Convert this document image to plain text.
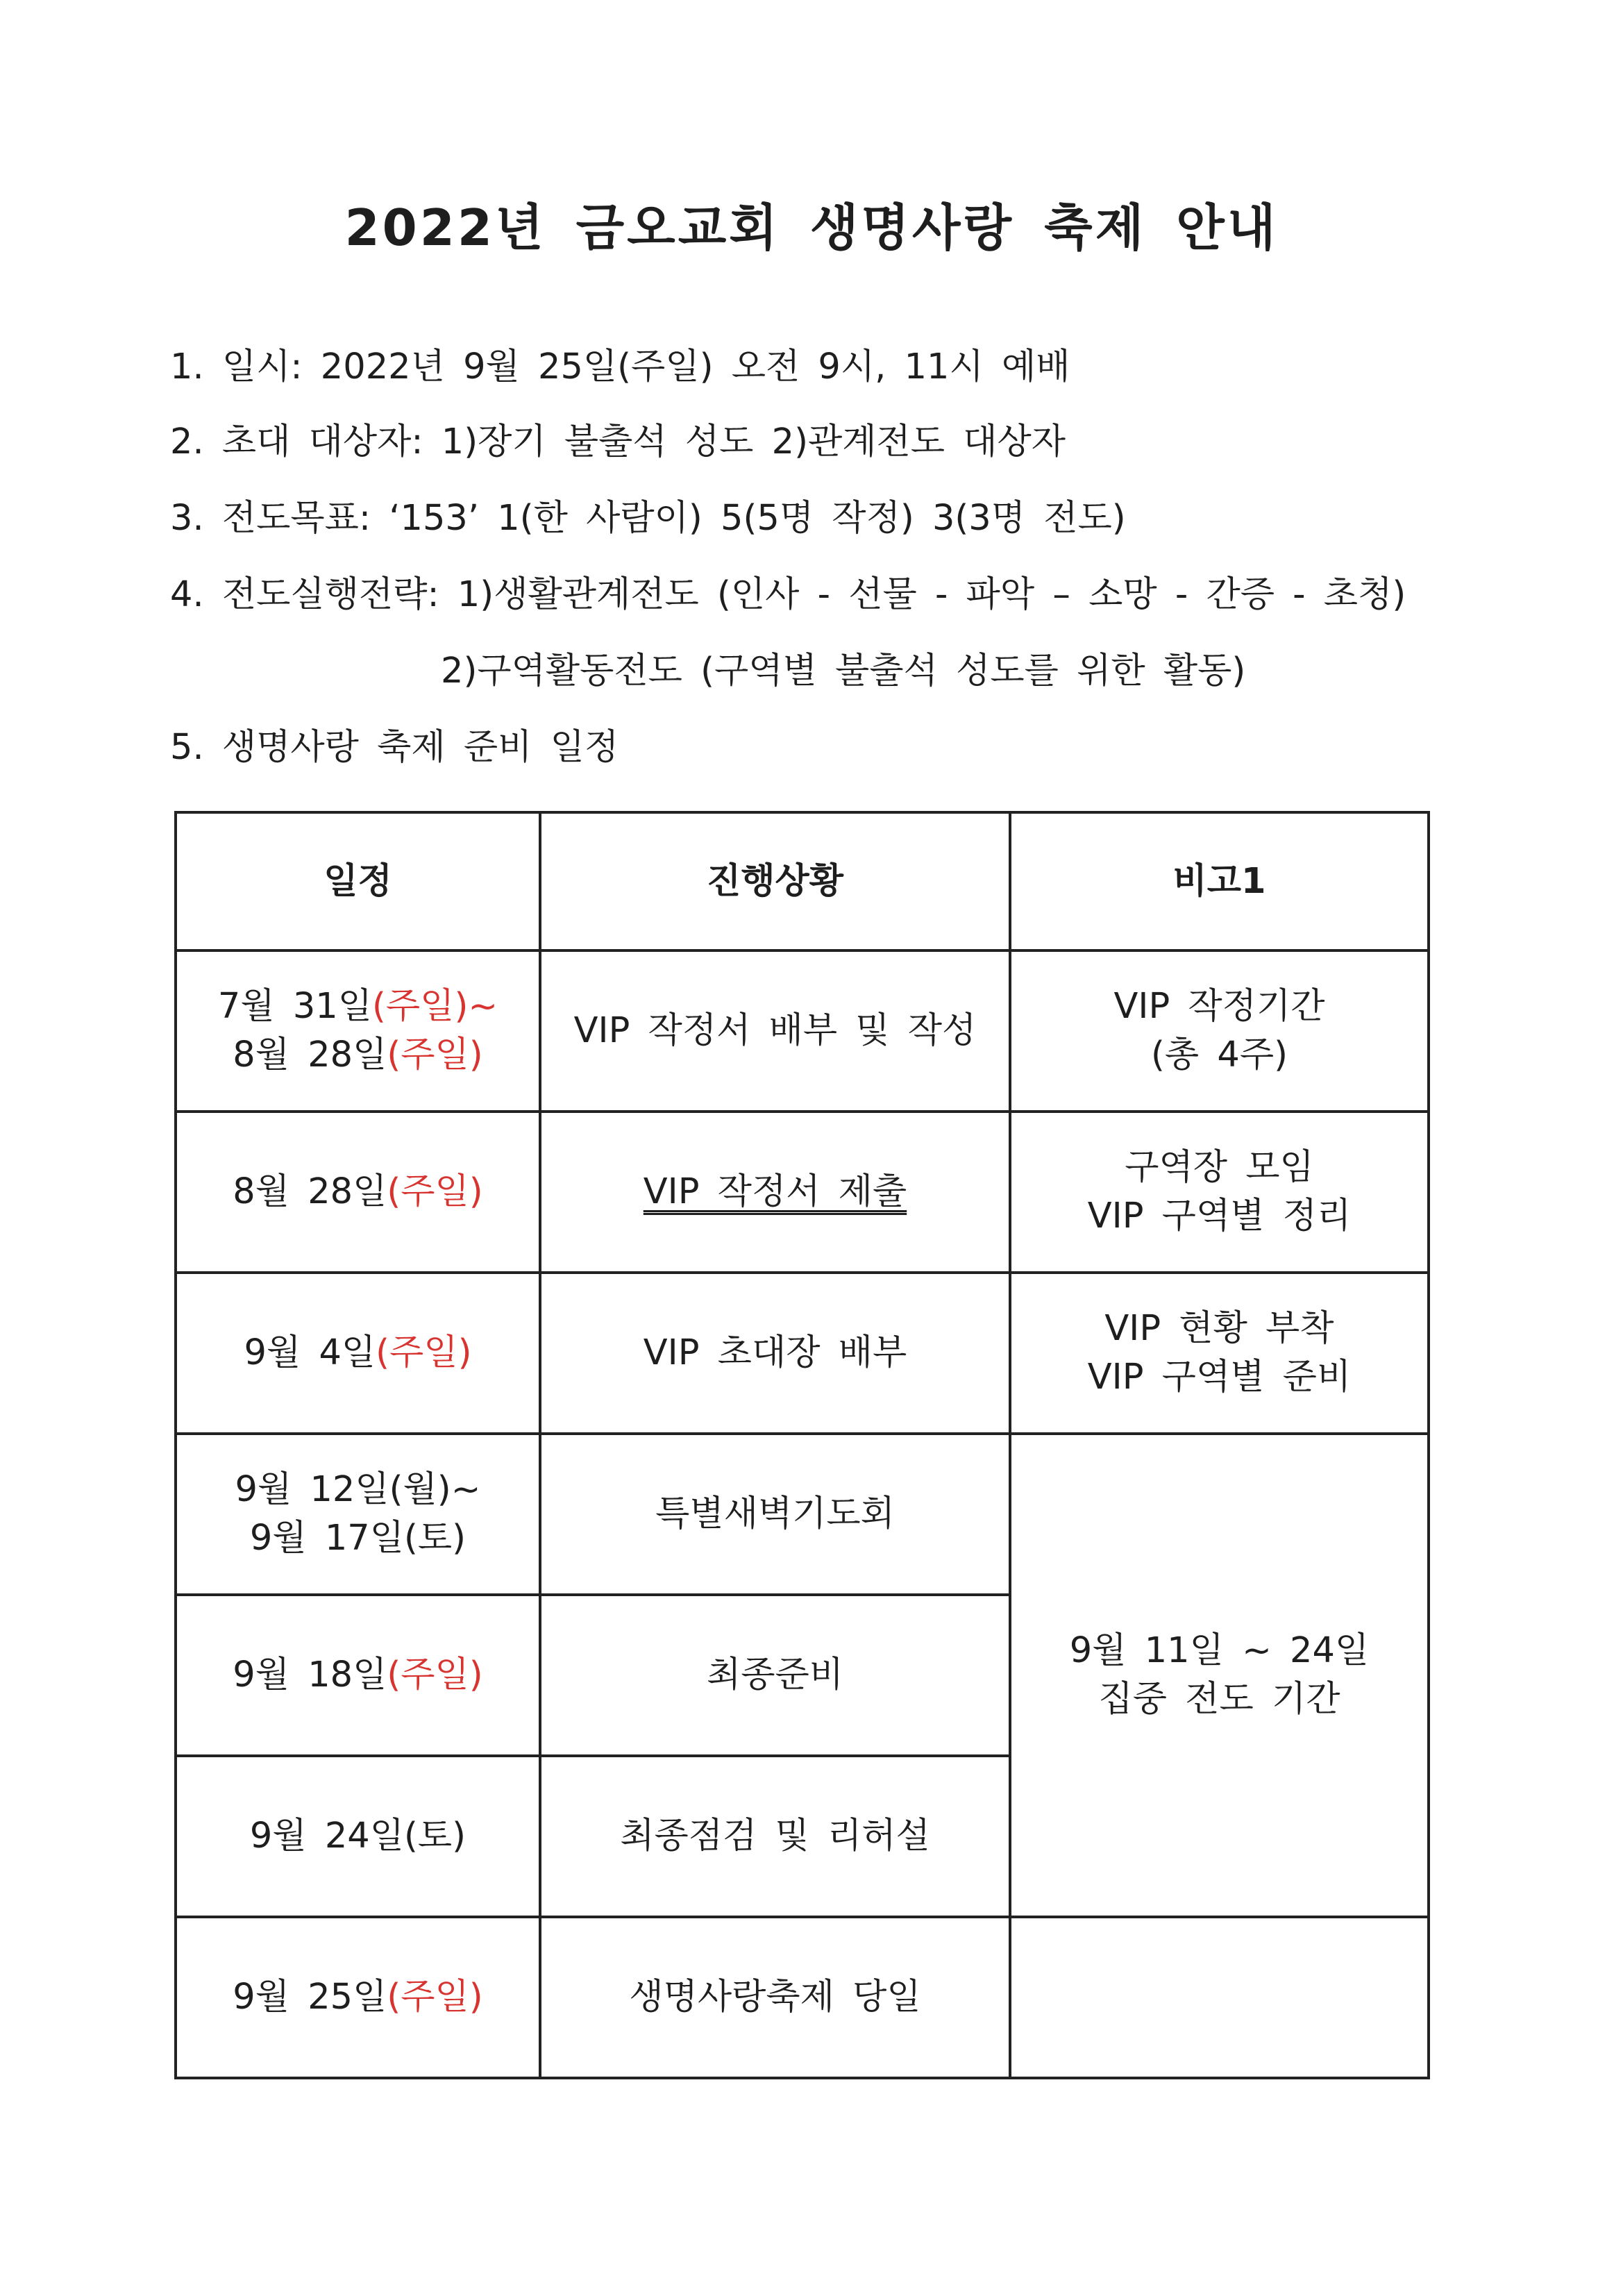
2022년 금오교회 생명사랑 축제 안내
1. 일시: 2022년 9월 25일(주일) 오전 9시, 11시 예배
2. 초대 대상자: 1)장기 불출석 성도 2)관계전도 대상자
3. 전도목표: ‘153’ 1(한 사람이) 5(5명 작정) 3(3명 전도)
4. 전도실행전략: 1)생활관계전도 (인사 - 선물 - 파악 – 소망 - 간증 - 초청)
2)구역활동전도 (구역별 불출석 성도를 위한 활동)
5. 생명사랑 축제 준비 일정
일정	진행상황	비고1

7월 31일(주일)~
8월 28일(주일)	VIP 작정서 배부 및 작성	VIP 작정기간
(총 4주)

8월 28일(주일)	VIP 작정서 제출	구역장 모임
VIP 구역별 정리

9월 4일(주일)	VIP 초대장 배부	VIP 현황 부착
VIP 구역별 준비

9월 12일(월)~
9월 17일(토)	특별새벽기도회	9월 11일 ~ 24일
집중 전도 기간

9월 18일(주일)	최종준비	
9월 24일(토)	최종점검 및 리허설	
9월 25일(주일)	생명사랑축제 당일	
